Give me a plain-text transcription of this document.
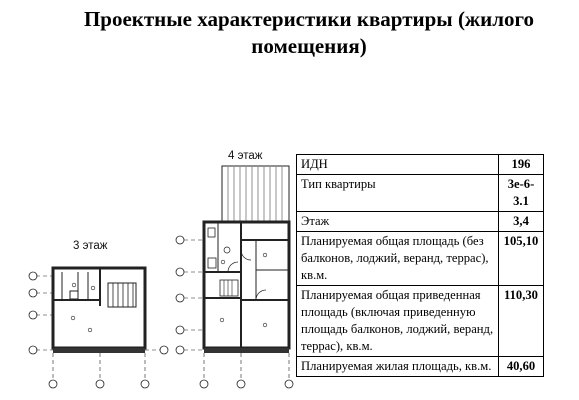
Проектные характеристики квартиры (жилого помещения)
3 этаж
4 этаж
ИДН	196
Тип квартиры	3е-6-3.1
Этаж	3,4
Планируемая общая площадь (без балконов, лоджий, веранд, террас), кв.м.	105,10
Планируемая общая приведенная площадь (включая приведенную площадь балконов, лоджий, веранд, террас), кв.м.	110,30
Планируемая жилая площадь, кв.м.	40,60
